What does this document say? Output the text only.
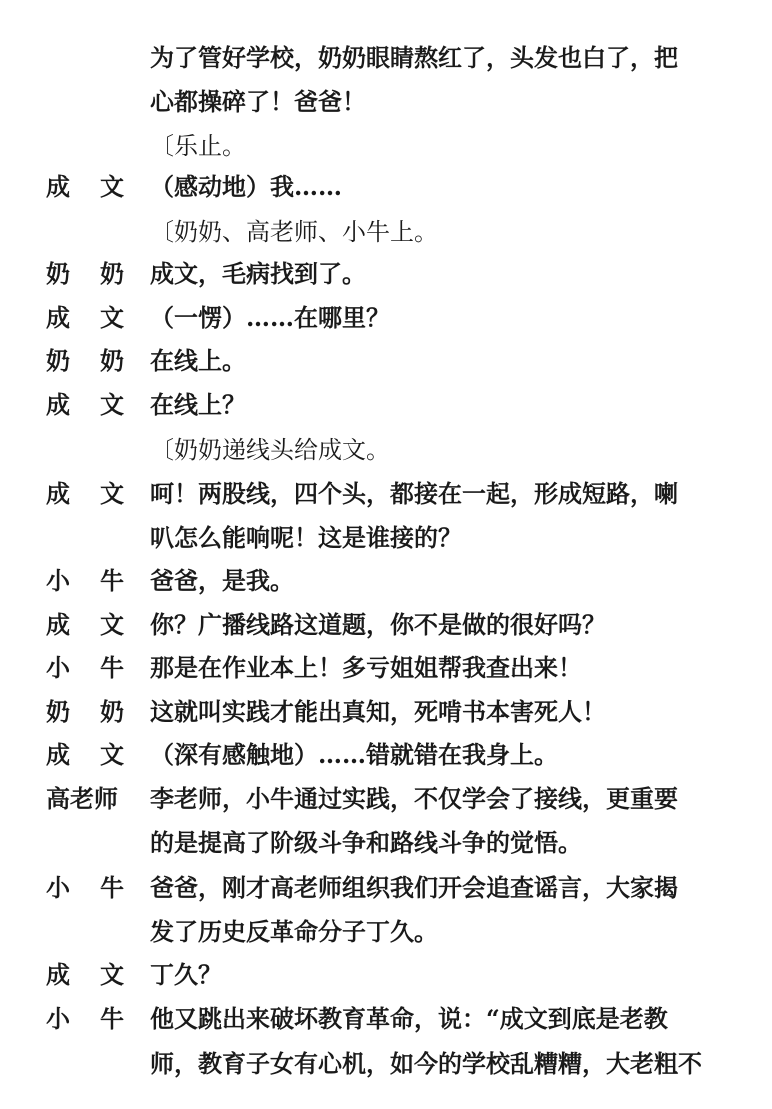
为了管好学校，奶奶眼睛熬红了，头发也白了，把
心都操碎了！爸爸！
〔乐止。
成文
（感动地）我……
〔奶奶、高老师、小牛上。
奶奶
成文，毛病找到了。
成文
（一愣）……在哪里？
奶奶
在线上。
成文
在线上？
〔奶奶递线头给成文。
成文
呵！两股线，四个头，都接在一起，形成短路，喇
叭怎么能响呢！这是谁接的？
小牛
爸爸，是我。
成文
你？广播线路这道题，你不是做的很好吗？
小牛
那是在作业本上！多亏姐姐帮我查出来！
奶奶
这就叫实践才能出真知，死啃书本害死人！
成文
（深有感触地）……错就错在我身上。
高老师	李老师，小牛通过实践，不仅学会了接线，更重要
的是提高了阶级斗争和路线斗争的觉悟。
小牛
爸爸，刚才高老师组织我们开会追查谣言，大家揭
发了历史反革命分子丁久。
成文
丁久？
小牛
他又跳出来破坏教育革命，说：“成文到底是老教
师，教育子女有心机，如今的学校乱糟糟，大老粗不
